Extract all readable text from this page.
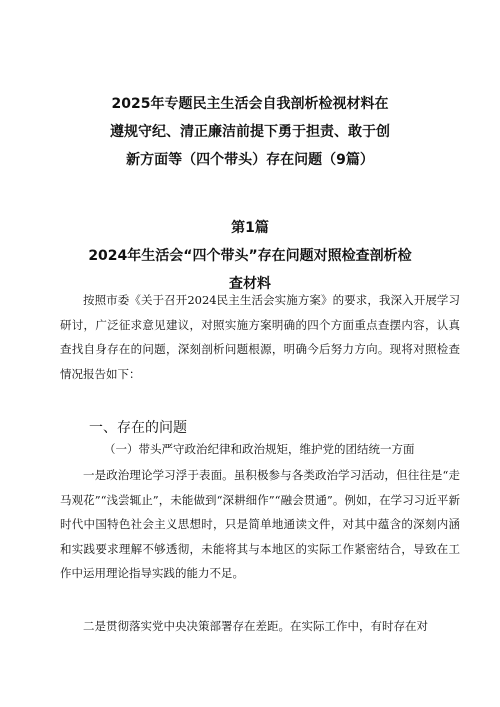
2025年专题民主生活会自我剖析检视材料在
遵规守纪、清正廉洁前提下勇于担责、敢于创
新方面等（四个带头）存在问题（9篇）
第1篇
2024年生活会“四个带头”存在问题对照检查剖析检
查材料

按照市委《关于召开2024民主生活会实施方案》的要求，我深入开展学习研讨，广泛征求意见建议，对照实施方案明确的四个方面重点查摆内容，认真查找自身存在的问题，深刻剖析问题根源，明确今后努力方向。现将对照检查情况报告如下：

一、存在的问题

（一）带头严守政治纪律和政治规矩，维护党的团结统一方面

一是政治理论学习浮于表面。虽积极参与各类政治学习活动，但往往是“走马观花”“浅尝辄止”，未能做到“深耕细作”“融会贯通”。例如，在学习习近平新时代中国特色社会主义思想时，只是简单地通读文件，对其中蕴含的深刻内涵和实践要求理解不够透彻，未能将其与本地区的实际工作紧密结合，导致在工作中运用理论指导实践的能力不足。

二是贯彻落实党中央决策部署存在差距。在实际工作中，有时存在对
